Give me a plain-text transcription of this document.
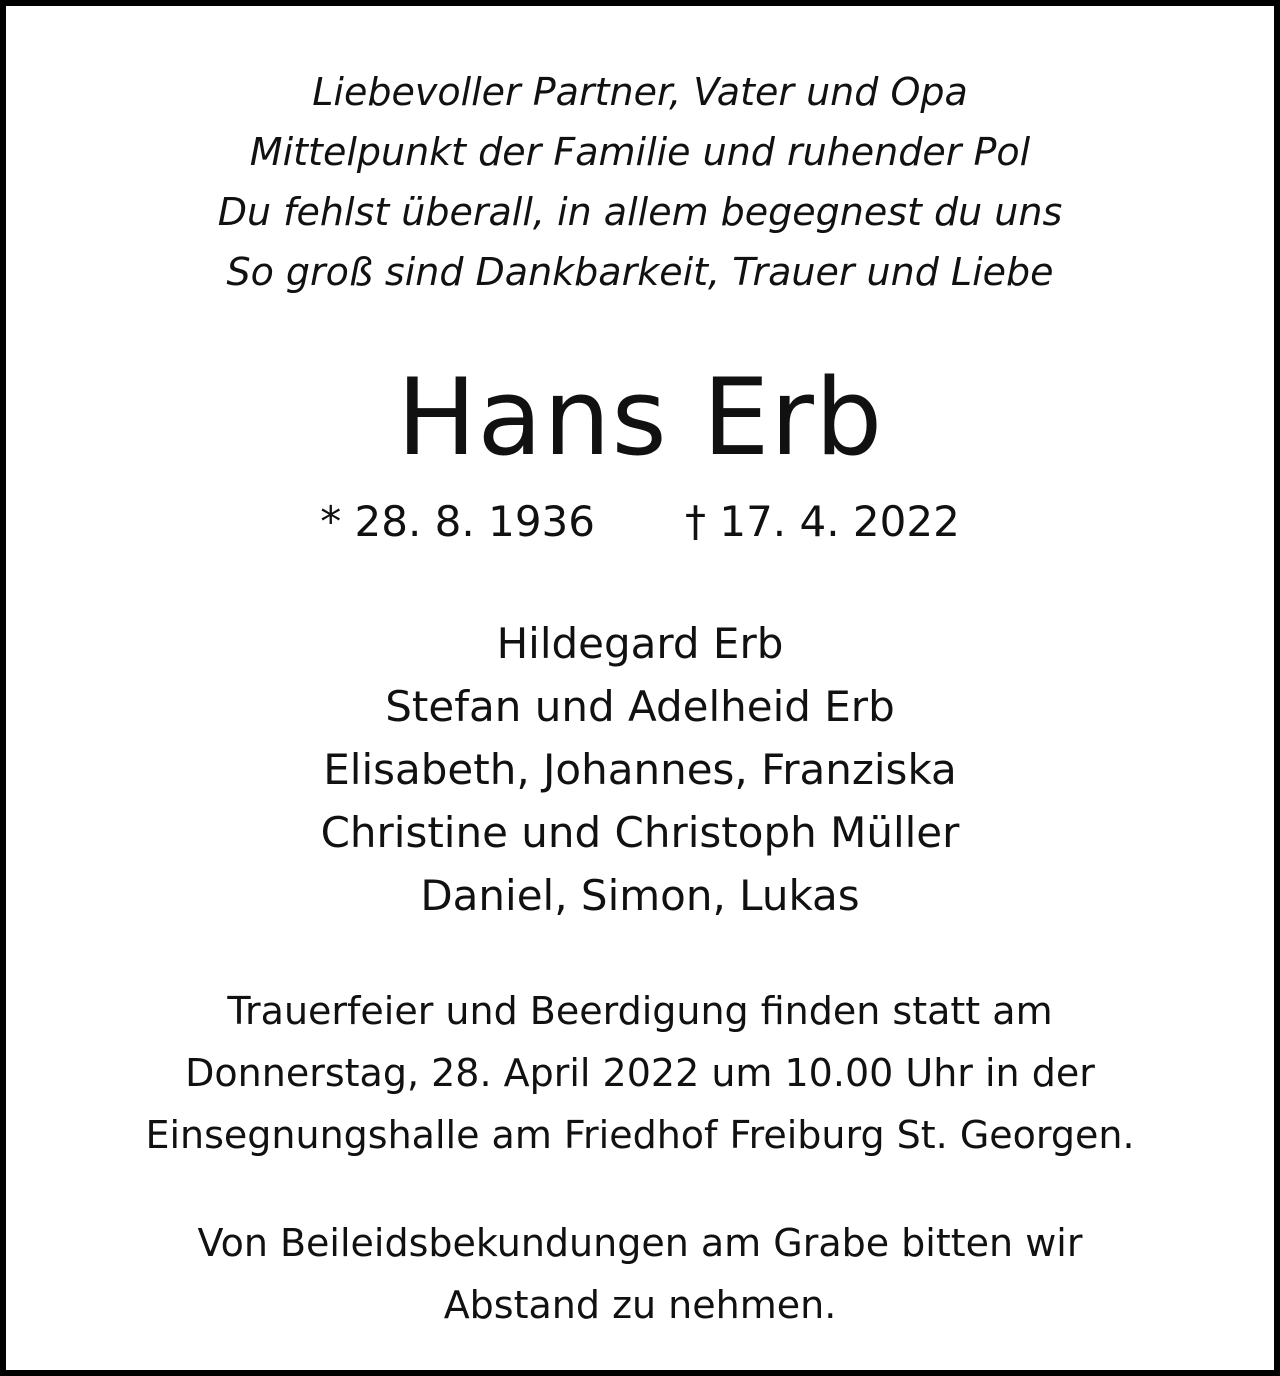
Liebevoller Partner, Vater und Opa
Mittelpunkt der Familie und ruhender Pol
Du fehlst überall, in allem begegnest du uns
So groß sind Dankbarkeit, Trauer und Liebe
Hans Erb
* 28. 8. 1936 † 17. 4. 2022
Hildegard Erb
Stefan und Adelheid Erb
Elisabeth, Johannes, Franziska
Christine und Christoph Müller
Daniel, Simon, Lukas
Trauerfeier und Beerdigung finden statt am
Donnerstag, 28. April 2022 um 10.00 Uhr in der
Einsegnungshalle am Friedhof Freiburg St. Georgen.
Von Beileidsbekundungen am Grabe bitten wir
Abstand zu nehmen.
